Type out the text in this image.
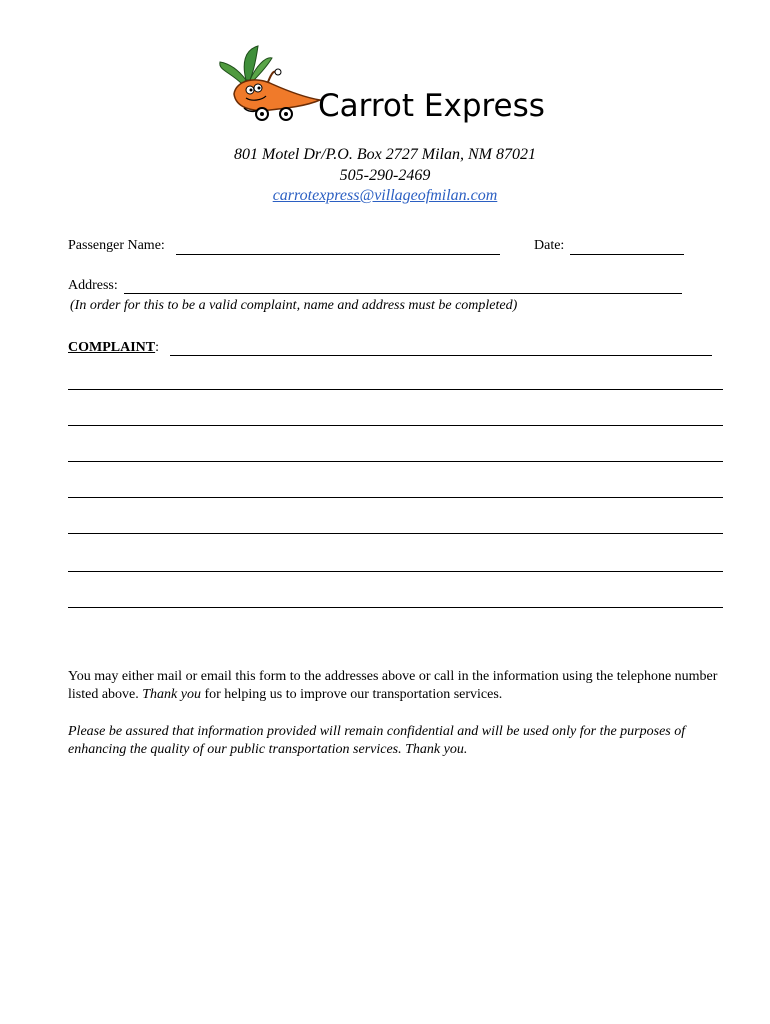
Carrot Express
801 Motel Dr/P.O. Box 2727 Milan, NM 87021
505-290-2469
carrotexpress@villageofmilan.com
Passenger Name:	Date:
Address:
(In order for this to be a valid complaint, name and address must be completed)
COMPLAINT:
You may either mail or email this form to the addresses above or call in the information using the telephone number listed above. Thank you for helping us to improve our transportation services.
Please be assured that information provided will remain confidential and will be used only for the purposes of enhancing the quality of our public transportation services. Thank you.
